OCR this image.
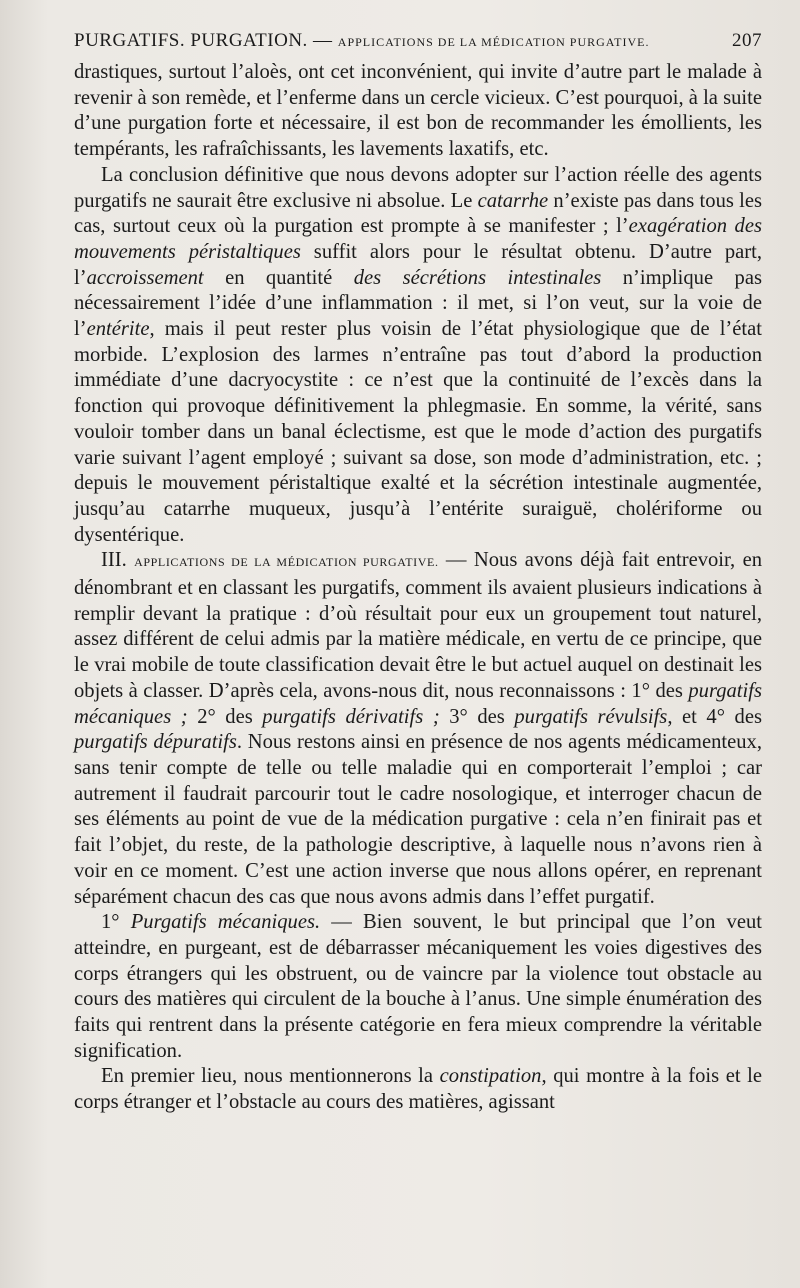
PURGATIFS. PURGATION. — APPLICATIONS DE LA MÉDICATION PURGATIVE.	207

drastiques, surtout l’aloès, ont cet inconvénient, qui invite d’autre part le malade à revenir à son remède, et l’enferme dans un cercle vicieux. C’est pourquoi, à la suite d’une purgation forte et nécessaire, il est bon de recommander les émollients, les tempérants, les rafraîchissants, les lavements laxatifs, etc.

La conclusion définitive que nous devons adopter sur l’action réelle des agents purgatifs ne saurait être exclusive ni absolue. Le catarrhe n’existe pas dans tous les cas, surtout ceux où la purgation est prompte à se manifester ; l’exagération des mouvements péristaltiques suffit alors pour le résultat obtenu. D’autre part, l’accroissement en quantité des sécrétions intestinales n’implique pas nécessairement l’idée d’une inflammation : il met, si l’on veut, sur la voie de l’entérite, mais il peut rester plus voisin de l’état physiologique que de l’état morbide. L’explosion des larmes n’entraîne pas tout d’abord la production immédiate d’une dacryocystite : ce n’est que la continuité de l’excès dans la fonction qui provoque définitivement la phlegmasie. En somme, la vérité, sans vouloir tomber dans un banal éclectisme, est que le mode d’action des purgatifs varie suivant l’agent employé ; suivant sa dose, son mode d’administration, etc. ; depuis le mouvement péristaltique exalté et la sécrétion intestinale augmentée, jusqu’au catarrhe muqueux, jusqu’à l’entérite suraiguë, cholériforme ou dysentérique.

III. APPLICATIONS DE LA MÉDICATION PURGATIVE. — Nous avons déjà fait entrevoir, en dénombrant et en classant les purgatifs, comment ils avaient plusieurs indications à remplir devant la pratique : d’où résultait pour eux un groupement tout naturel, assez différent de celui admis par la matière médicale, en vertu de ce principe, que le vrai mobile de toute classification devait être le but actuel auquel on destinait les objets à classer. D’après cela, avons-nous dit, nous reconnaissons : 1° des purgatifs mécaniques ; 2° des purgatifs dérivatifs ; 3° des purgatifs révulsifs, et 4° des purgatifs dépuratifs. Nous restons ainsi en présence de nos agents médicamenteux, sans tenir compte de telle ou telle maladie qui en comporterait l’emploi ; car autrement il faudrait parcourir tout le cadre nosologique, et interroger chacun de ses éléments au point de vue de la médication purgative : cela n’en finirait pas et fait l’objet, du reste, de la pathologie descriptive, à laquelle nous n’avons rien à voir en ce moment. C’est une action inverse que nous allons opérer, en reprenant séparément chacun des cas que nous avons admis dans l’effet purgatif.

1° Purgatifs mécaniques. — Bien souvent, le but principal que l’on veut atteindre, en purgeant, est de débarrasser mécaniquement les voies digestives des corps étrangers qui les obstruent, ou de vaincre par la violence tout obstacle au cours des matières qui circulent de la bouche à l’anus. Une simple énumération des faits qui rentrent dans la présente catégorie en fera mieux comprendre la véritable signification.

En premier lieu, nous mentionnerons la constipation, qui montre à la fois et le corps étranger et l’obstacle au cours des matières, agissant
